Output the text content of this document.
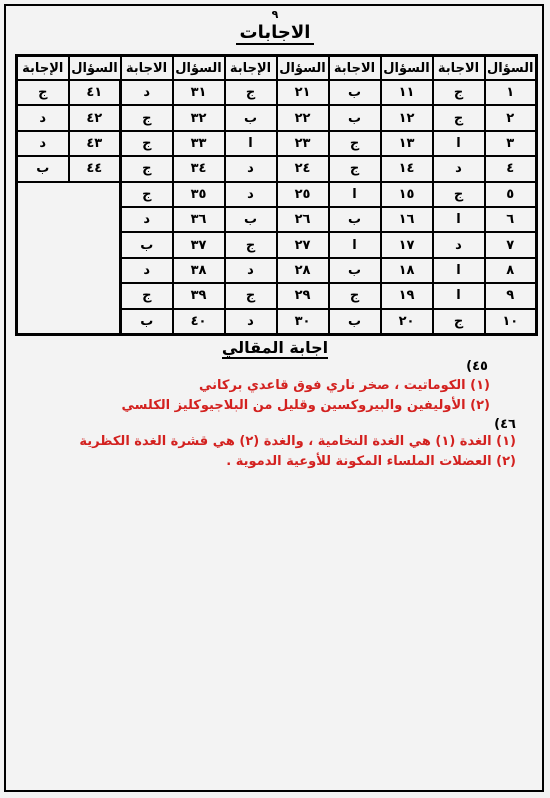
٩
الاجابات
السؤال	الاجابة	السؤال	الاجابة	السؤال	الإجابة	السؤال	الاجابة	السؤال	الإجابة
١	ج	١١	ب	٢١	ج	٣١	د	٤١	ج
٢	ج	١٢	ب	٢٢	ب	٣٢	ج	٤٢	د
٣	ا	١٣	ج	٢٣	ا	٣٣	ج	٤٣	د
٤	د	١٤	ج	٢٤	د	٣٤	ج	٤٤	ب
٥	ج	١٥	ا	٢٥	د	٣٥	ج		
٦	ا	١٦	ب	٢٦	ب	٣٦	د		
٧	د	١٧	ا	٢٧	ج	٣٧	ب		
٨	ا	١٨	ب	٢٨	د	٣٨	د		
٩	ا	١٩	ج	٢٩	ج	٣٩	ج		
١٠	ج	٢٠	ب	٣٠	د	٤٠	ب		
اجابة المقالي
٤٥)
(١) الكوماتيت ، صخر ناري فوق قاعدي بركاني
(٢) الأوليفين والبيروكسين وقليل من البلاجيوكليز الكلسي
٤٦)
(١) الغدة (١) هي الغدة النخامية ، والغدة (٢) هي قشرة الغدة الكظرية
(٢) العضلات الملساء المكونة للأوعية الدموية .
